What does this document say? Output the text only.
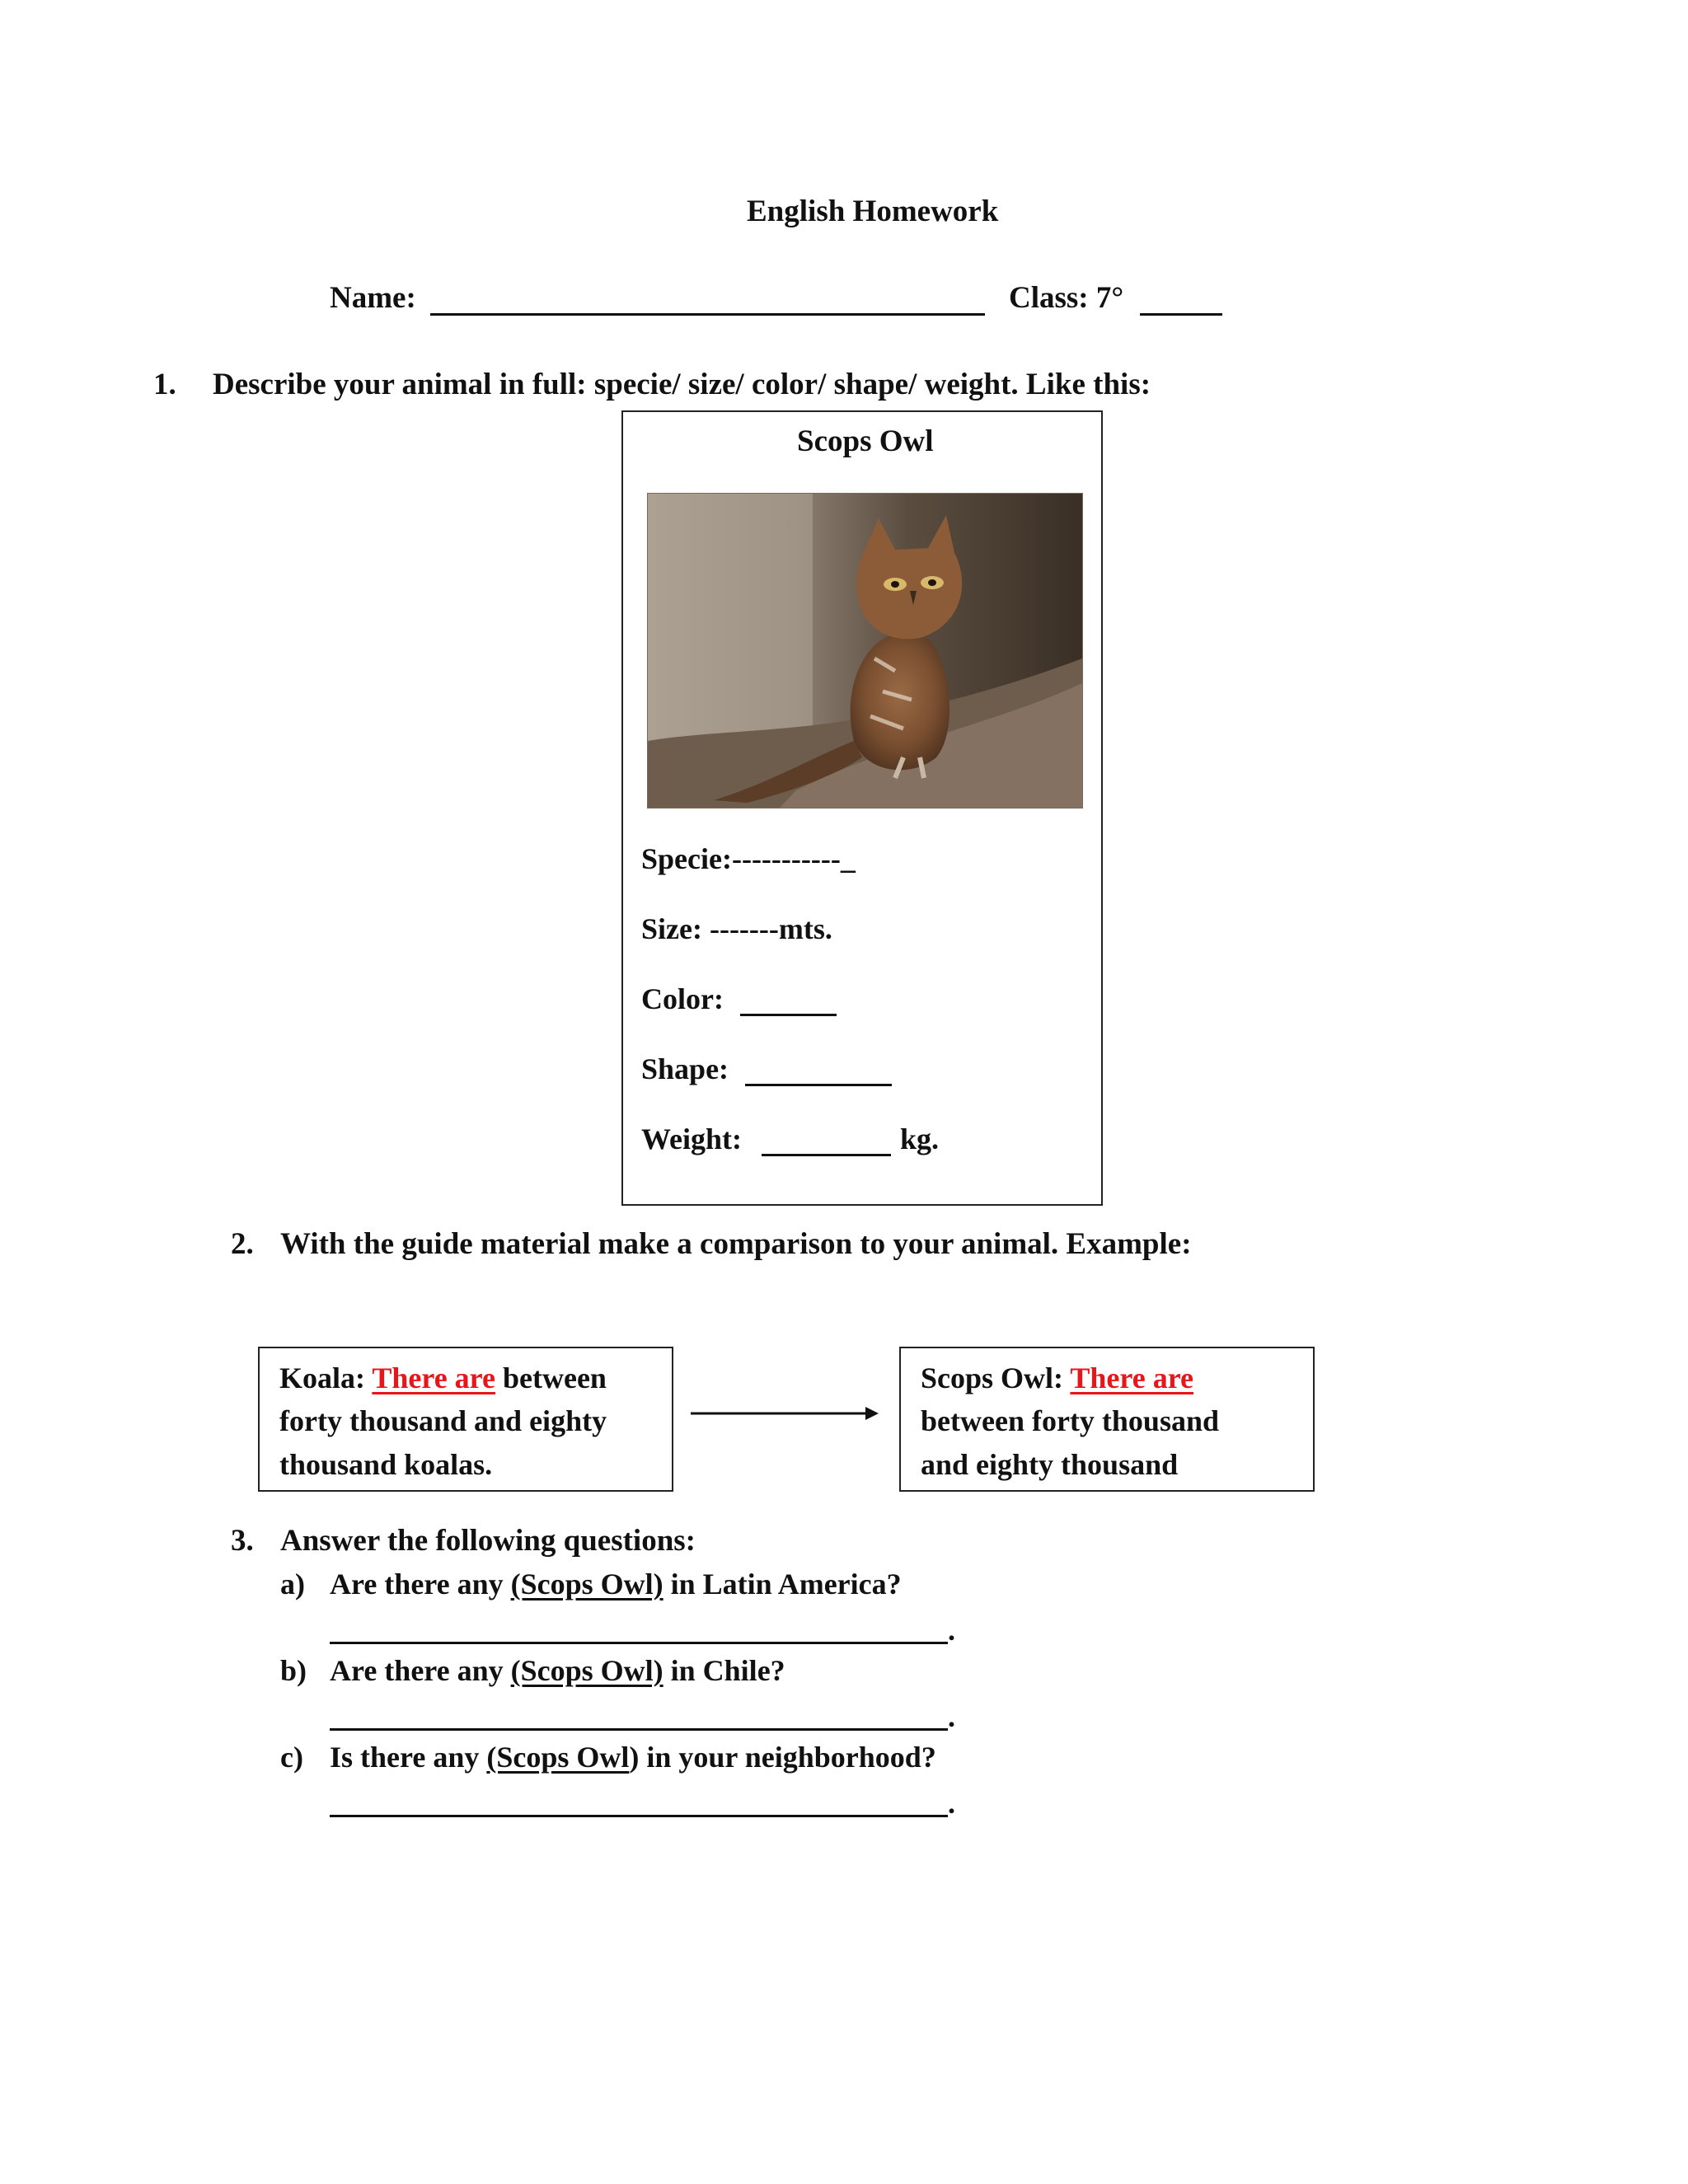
English Homework
Name:	Class: 7°
1. Describe your animal in full: specie/ size/ color/ shape/ weight. Like this:
Scops Owl
Specie:-----------_
Size: -------mts.
Color:
Shape:
Weight:	kg.
2. With the guide material make a comparison to your animal. Example:
Koala: There are between
forty thousand and eighty
thousand koalas.
Scops Owl: There are
between forty thousand
and eighty thousand
3. Answer the following questions:
a) Are there any (Scops Owl) in Latin America?
.
b) Are there any (Scops Owl) in Chile?
.
c) Is there any (Scops Owl) in your neighborhood?
.
